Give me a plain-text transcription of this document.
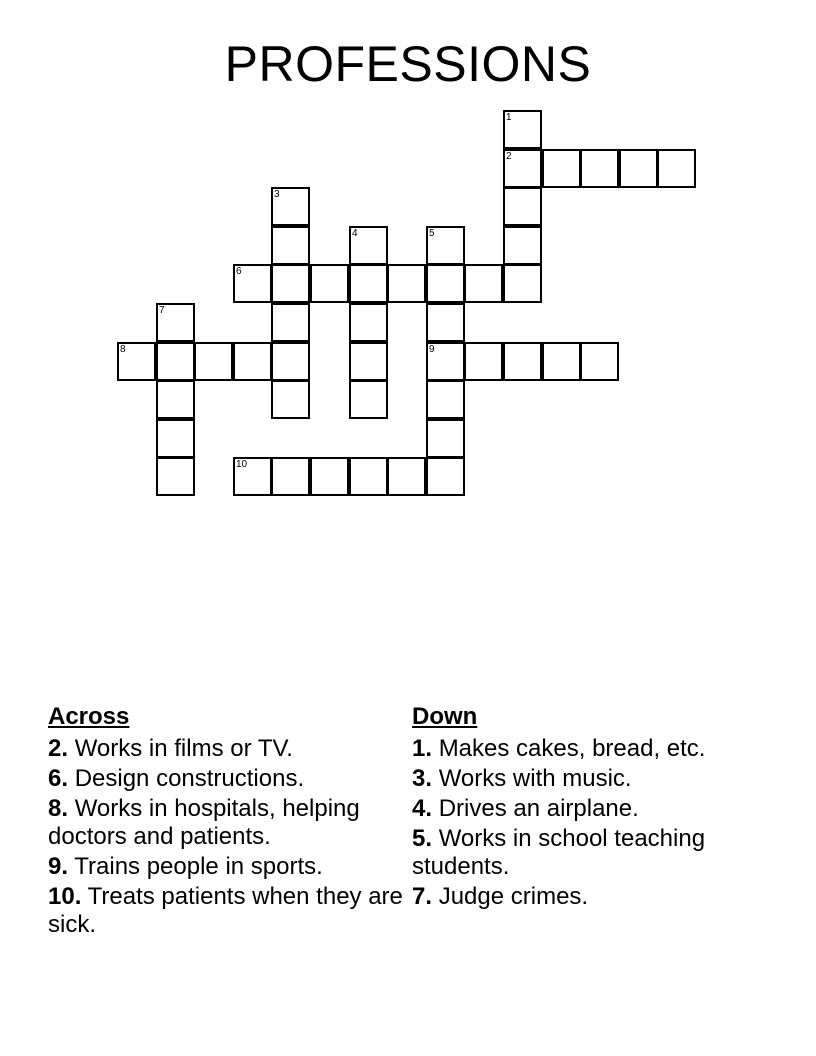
PROFESSIONS
1
2
3
4	5
6
7
8	9
10
Across
2. Works in films or TV.
6. Design constructions.
8. Works in hospitals, helping doctors and patients.
9. Trains people in sports.
10. Treats patients when they are sick.
Down
1. Makes cakes, bread, etc.
3. Works with music.
4. Drives an airplane.
5. Works in school teaching students.
7. Judge crimes.
